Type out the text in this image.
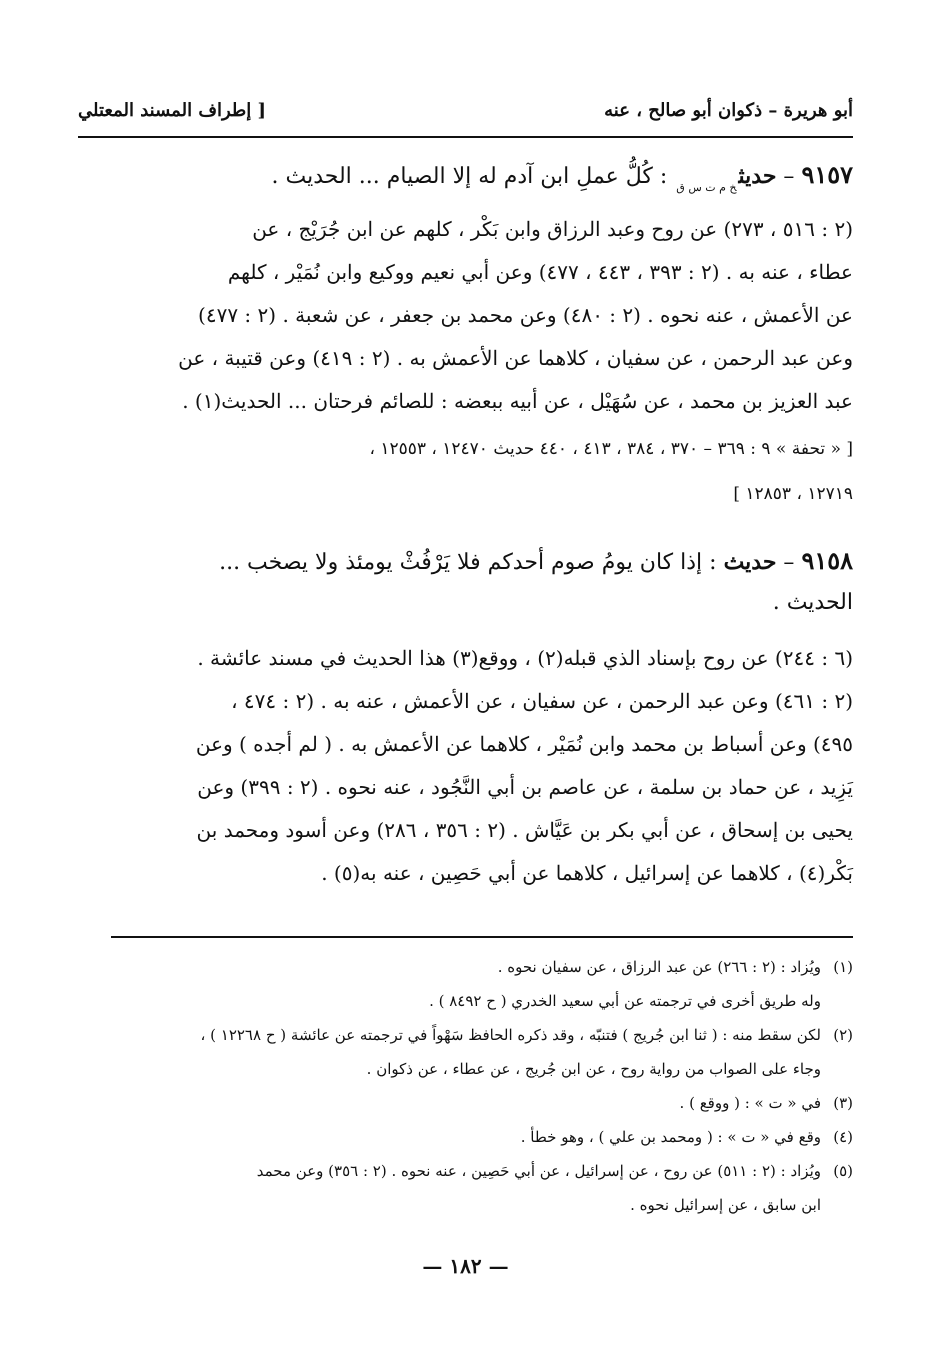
أبو هريرة – ذكوان أبو صالح ، عنه
[ إطراف المسند المعتلي

٩١٥٧ – حديث$_{خ م ت س ق}$ : كُلُّ عملِ ابن آدم له إلا الصيام ... الحديث .

(٢ : ٥١٦ ، ٢٧٣) عن روح وعبد الرزاق وابن بَكْر ، كلهم عن ابن جُرَيْج ، عن
عطاء ، عنه به . (٢ : ٣٩٣ ، ٤٤٣ ، ٤٧٧) وعن أبي نعيم ووكيع وابن نُمَيْر ، كلهم
عن الأعمش ، عنه نحوه . (٢ : ٤٨٠) وعن محمد بن جعفر ، عن شعبة . (٢ : ٤٧٧)
وعن عبد الرحمن ، عن سفيان ، كلاهما عن الأعمش به . (٢ : ٤١٩) وعن قتيبة ، عن
عبد العزيز بن محمد ، عن سُهَيْل ، عن أبيه ببعضه : للصائم فرحتان ... الحديث(١) .
[ « تحفة » ٩ : ٣٦٩ – ٣٧٠ ، ٣٨٤ ، ٤١٣ ، ٤٤٠ حديث ١٢٤٧٠ ، ١٢٥٥٣ ،
١٢٧١٩ ، ١٢٨٥٣ ]

٩١٥٨ – حديث : إذا كان يومُ صوم أحدكم فلا يَرْفُثْ يومئذ ولا يصخب ...

الحديث .

(٦ : ٢٤٤) عن روح بإسناد الذي قبله(٢) ، ووقع(٣) هذا الحديث في مسند عائشة .
(٢ : ٤٦١) وعن عبد الرحمن ، عن سفيان ، عن الأعمش ، عنه به . (٢ : ٤٧٤ ،
٤٩٥) وعن أسباط بن محمد وابن نُمَيْر ، كلاهما عن الأعمش به . ( لم أجده ) وعن
يَزِيد ، عن حماد بن سلمة ، عن عاصم بن أبي النَّجُود ، عنه نحوه . (٢ : ٣٩٩) وعن
يحيى بن إسحاق ، عن أبي بكر بن عَيَّاش . (٢ : ٣٥٦ ، ٢٨٦) وعن أسود ومحمد بن
بَكْر(٤) ، كلاهما عن إسرائيل ، كلاهما عن أبي حَصِين ، عنه به(٥) .
(١)
ويُزاد : (٢ : ٢٦٦) عن عبد الرزاق ، عن سفيان نحوه .
وله طريق أخرى في ترجمته عن أبي سعيد الخدري ( ح ٨٤٩٢ ) .
(٢)
لكن سقط منه : ( ثنا ابن جُريج ) فتنبّه ، وقد ذكره الحافظ سَهْواً في ترجمته عن عائشة ( ح ١٢٢٦٨ ) ،
وجاء على الصواب من رواية روح ، عن ابن جُريج ، عن عطاء ، عن ذكوان .
(٣)
في « ت » : ( ووقع ) .
(٤)
وقع في « ت » : ( ومحمد بن علي ) ، وهو خطأ .
(٥)
ويُزاد : (٢ : ٥١١) عن روح ، عن إسرائيل ، عن أبي حَصِين ، عنه نحوه . (٢ : ٣٥٦) وعن محمد
ابن سابق ، عن إسرائيل نحوه .
— ١٨٢ —
